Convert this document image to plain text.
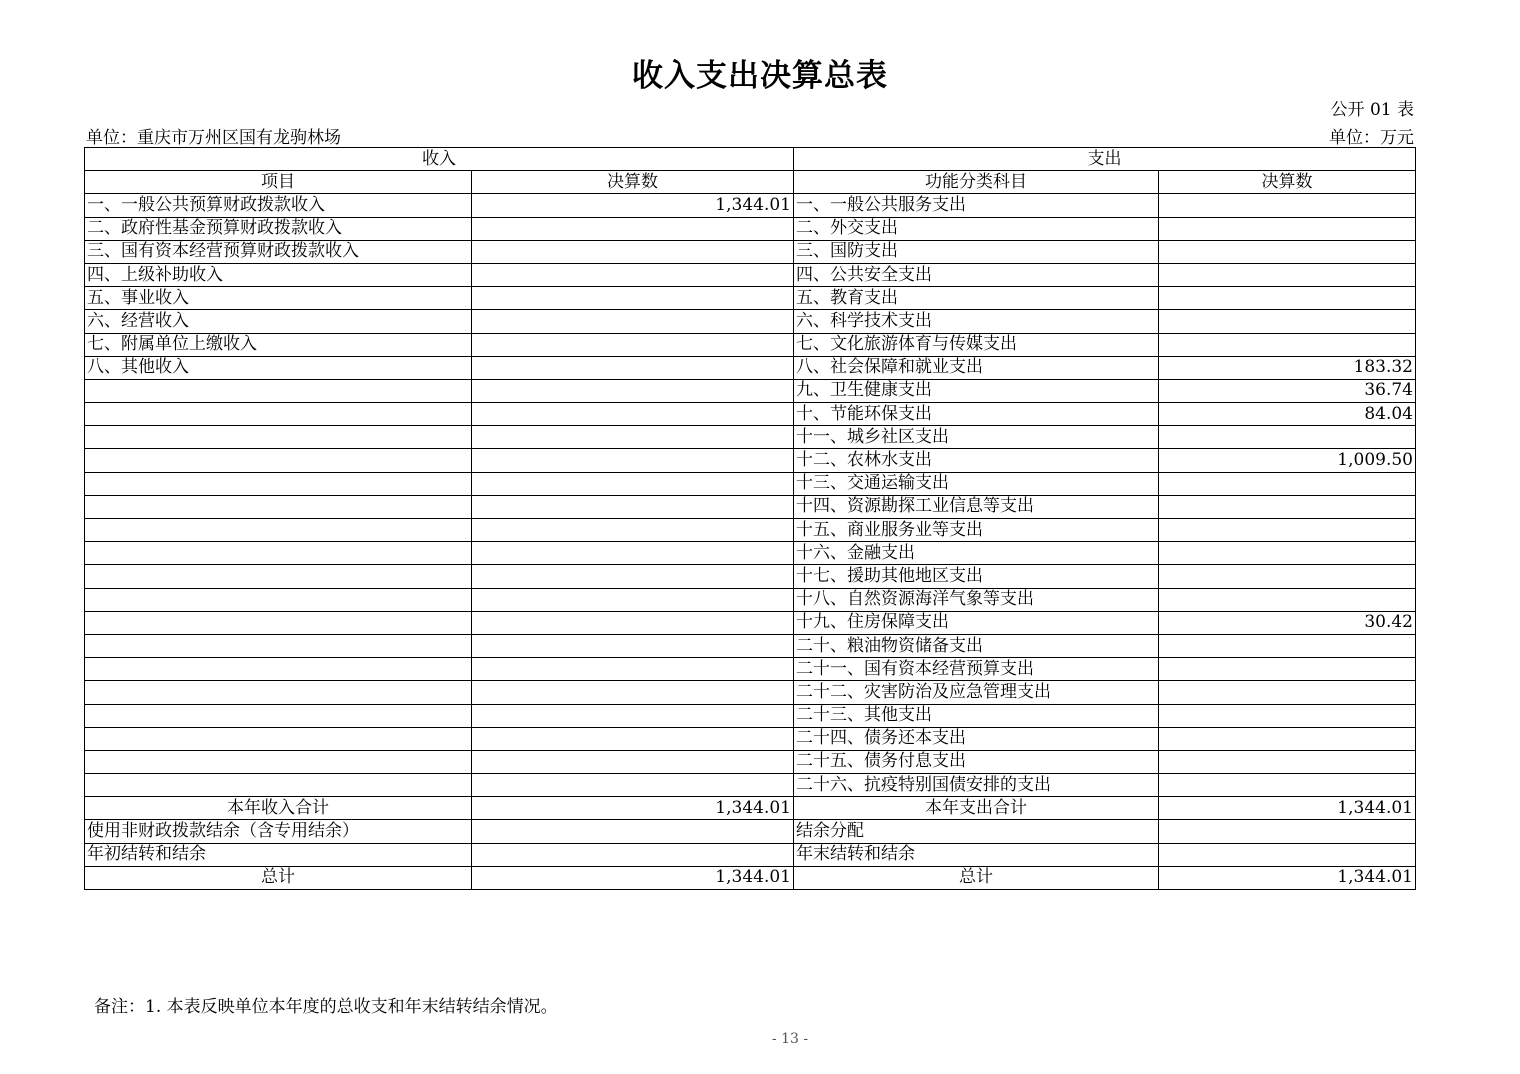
收入支出决算总表
公开 01 表
单位：重庆市万州区国有龙驹林场	单位：万元
收入		支出	
项目	决算数	功能分类科目	决算数
一、一般公共预算财政拨款收入	1,344.01	一、一般公共服务支出	
二、政府性基金预算财政拨款收入		二、外交支出	
三、国有资本经营预算财政拨款收入		三、国防支出	
四、上级补助收入		四、公共安全支出	
五、事业收入		五、教育支出	
六、经营收入		六、科学技术支出	
七、附属单位上缴收入		七、文化旅游体育与传媒支出	
八、其他收入		八、社会保障和就业支出	183.32
		九、卫生健康支出	36.74
		十、节能环保支出	84.04
		十一、城乡社区支出	
		十二、农林水支出	1,009.50
		十三、交通运输支出	
		十四、资源勘探工业信息等支出	
		十五、商业服务业等支出	
		十六、金融支出	
		十七、援助其他地区支出	
		十八、自然资源海洋气象等支出	
		十九、住房保障支出	30.42
		二十、粮油物资储备支出	
		二十一、国有资本经营预算支出	
		二十二、灾害防治及应急管理支出	
		二十三、其他支出	
		二十四、债务还本支出	
		二十五、债务付息支出	
		二十六、抗疫特别国债安排的支出	
本年收入合计	1,344.01	本年支出合计	1,344.01
使用非财政拨款结余（含专用结余）		结余分配	
年初结转和结余		年末结转和结余	
总计	1,344.01	总计	1,344.01
备注：1. 本表反映单位本年度的总收支和年末结转结余情况。
- 13 -
